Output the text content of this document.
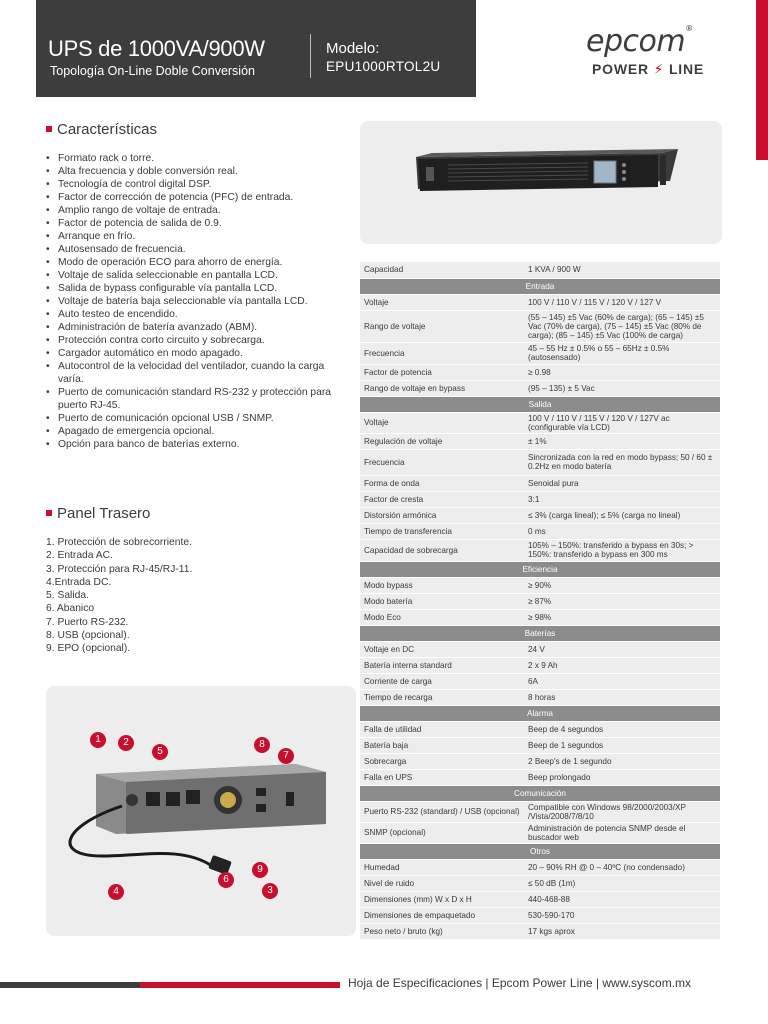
UPS de 1000VA/900W
Topología On-Line Doble Conversión
Modelo:
EPU1000RTOL2U
epcom®
POWER ⚡ LINE
Características
• Formato rack o torre.
• Alta frecuencia y doble conversión real.
• Tecnología de control digital DSP.
• Factor de corrección de potencia (PFC) de entrada.
• Amplio rango de voltaje de entrada.
• Factor de potencia de salida de 0.9.
• Arranque en frío.
• Autosensado de frecuencia.
• Modo de operación ECO para ahorro de energía.
• Voltaje de salida seleccionable en pantalla LCD.
• Salida de bypass configurable vía pantalla LCD.
• Voltaje de batería baja seleccionable vía pantalla LCD.
• Auto testeo de encendido.
• Administración de batería avanzado (ABM).
• Protección contra corto circuito y sobrecarga.
• Cargador automático en modo apagado.
• Autocontrol de la velocidad del ventilador, cuando la carga varía.
• Puerto de comunicación standard RS-232 y protección para puerto RJ-45.
• Puerto de comunicación opcional USB / SNMP.
• Apagado de emergencia opcional.
• Opción para banco de baterías externo.
Panel Trasero
1. Protección de sobrecorriente.
2. Entrada AC.
3. Protección para RJ-45/RJ-11.
4.Entrada DC.
5. Salida.
6. Abanico
7. Puerto RS-232.
8. USB (opcional).
9. EPO (opcional).
1	2
5
8
7
4
6
9
3
Capacidad	1 KVA / 900 W
Entrada	
Voltaje	100 V / 110 V / 115 V / 120 V / 127 V
Rango de voltaje	(55 – 145) ±5 Vac (60% de carga); (65 – 145) ±5 Vac (70% de carga), (75 – 145) ±5 Vac (80% de carga); (85 – 145) ±5 Vac (100% de carga)
Frecuencia	45 – 55 Hz ± 0.5% o 55 – 65Hz ± 0.5% (autosensado)
Factor de potencia	≥ 0.98
Rango de voltaje en bypass	(95 – 135) ± 5 Vac
Salida	
Voltaje	100 V / 110 V / 115 V / 120 V / 127V ac (configurable vía LCD)
Regulación de voltaje	± 1%
Frecuencia	Sincronizada con la red en modo bypass; 50 / 60 ± 0.2Hz en modo batería
Forma de onda	Senoidal pura
Factor de cresta	3:1
Distorsión armónica	≤ 3% (carga lineal); ≤ 5% (carga no lineal)
Tiempo de transferencia	0 ms
Capacidad de sobrecarga	105% – 150%: transferido a bypass en 30s; > 150%: transferido a bypass en 300 ms
Eficiencia	
Modo bypass	≥ 90%
Modo batería	≥ 87%
Modo Eco	≥ 98%
Baterías	
Voltaje en DC	24 V
Batería interna standard	2 x 9 Ah
Corriente de carga	6A
Tiempo de recarga	8 horas
Alarma	
Falla de utilidad	Beep de 4 segundos
Batería baja	Beep de 1 segundos
Sobrecarga	2 Beep's de 1 segundo
Falla en UPS	Beep prolongado
Comunicación	
Puerto RS-232 (standard) / USB (opcional)	Compatible con Windows 98/2000/2003/XP /Vista/2008/7/8/10
SNMP (opcional)	Administración de potencia SNMP desde el buscador web
Otros	
Humedad	20 – 90% RH @ 0 – 40ºC (no condensado)
Nivel de ruido	≤ 50 dB (1m)
Dimensiones (mm) W x D x H	440-468-88
Dimensiones de empaquetado	530-590-170
Peso neto / bruto (kg)	17 kgs aprox
Hoja de Especificaciones | Epcom Power Line | www.syscom.mx
